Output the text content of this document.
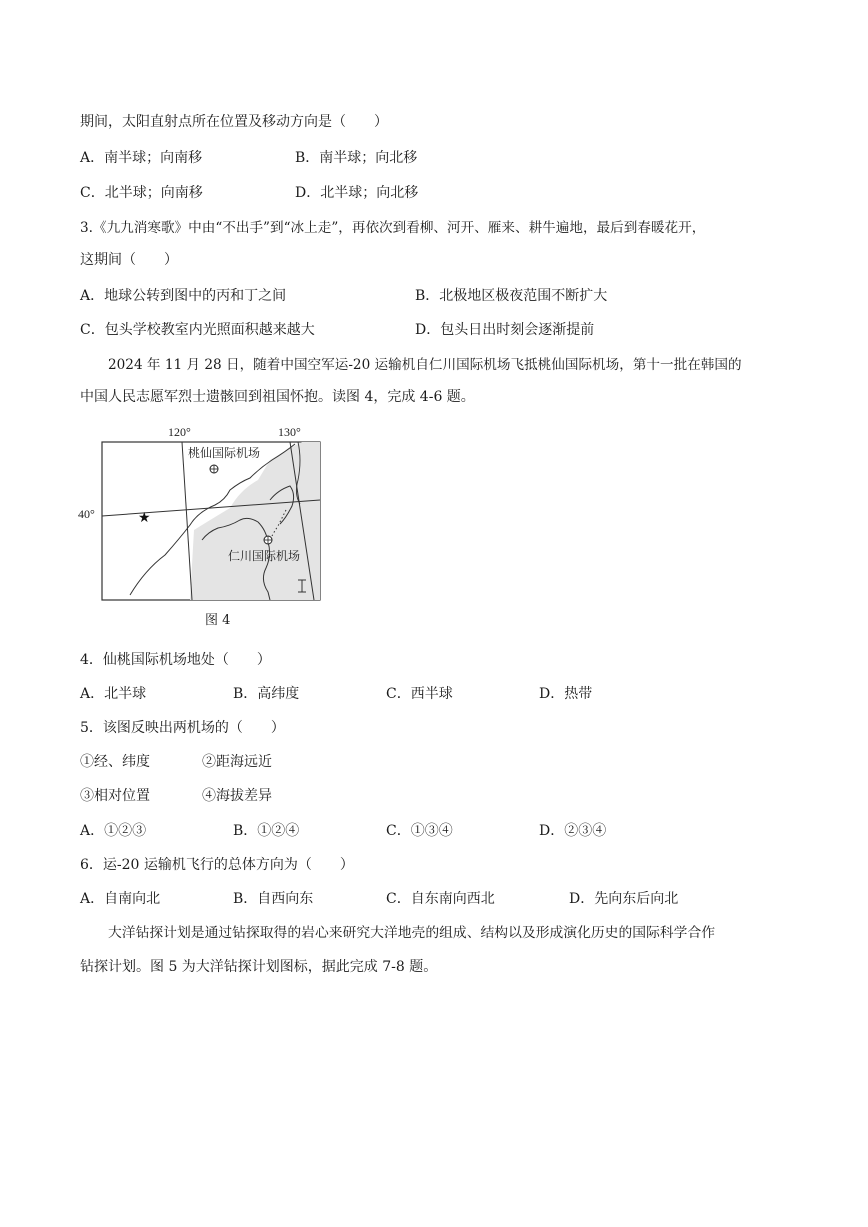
期间，太阳直射点所在位置及移动方向是（　　）
A．南半球；向南移	B．南半球；向北移
C．北半球；向南移	D．北半球；向北移
3.《九九消寒歌》中由“不出手”到“冰上走”，再依次到看柳、河开、雁来、耕牛遍地，最后到春暖花开，
这期间（　　）
A．地球公转到图中的丙和丁之间	B．北极地区极夜范围不断扩大
C．包头学校教室内光照面积越来越大	D．包头日出时刻会逐渐提前
2024 年 11 月 28 日，随着中国空军运-20 运输机自仁川国际机场飞抵桃仙国际机场，第十一批在韩国的
中国人民志愿军烈士遗骸回到祖国怀抱。读图 4，完成 4-6 题。
120°	130°
40°	★
桃仙国际机场
仁川国际机场
图 4
4．仙桃国际机场地处（　　）
A．北半球	B．高纬度	C．西半球	D．热带
5．该图反映出两机场的（　　）
①经、纬度	②距海远近
③相对位置	④海拔差异
A．①②③	B．①②④	C．①③④	D．②③④
6．运-20 运输机飞行的总体方向为（　　）
A．自南向北	B．自西向东	C．自东南向西北	D．先向东后向北
大洋钻探计划是通过钻探取得的岩心来研究大洋地壳的组成、结构以及形成演化历史的国际科学合作
钻探计划。图 5 为大洋钻探计划图标，据此完成 7-8 题。
